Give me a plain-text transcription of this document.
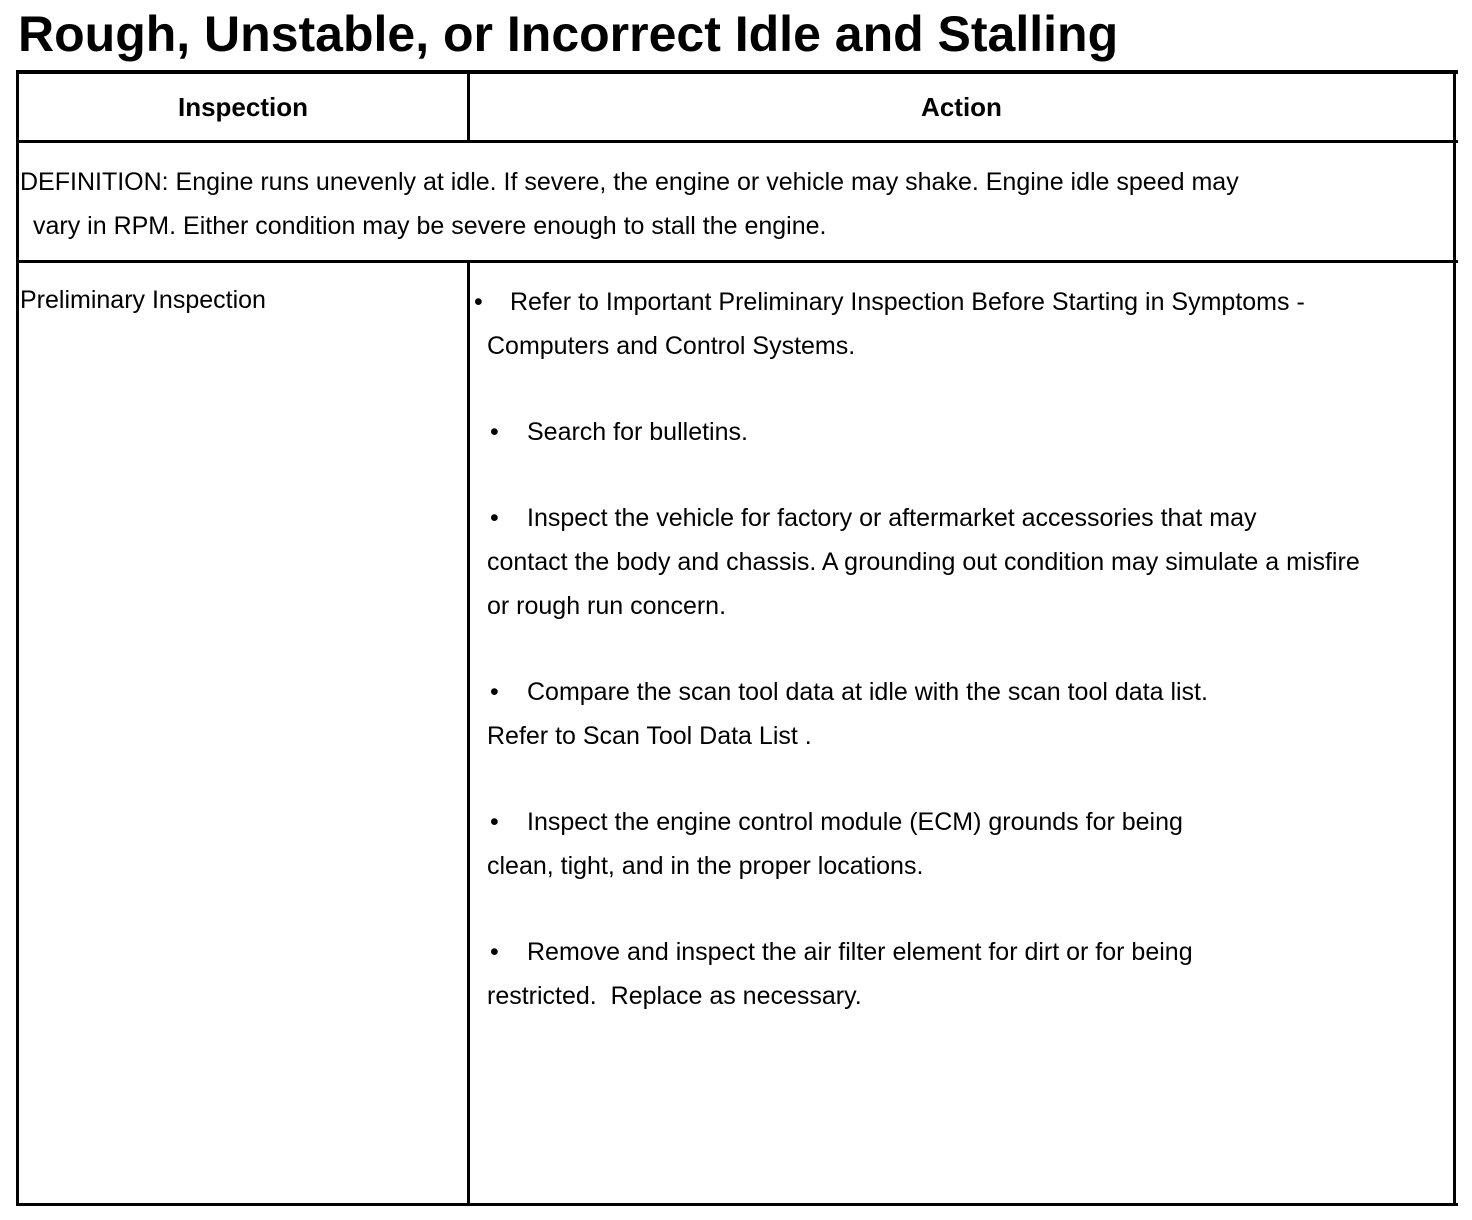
Rough, Unstable, or Incorrect Idle and Stalling
Inspection	Action
DEFINITION: Engine runs unevenly at idle. If severe, the engine or vehicle may shake. Engine idle speed may
vary in RPM. Either condition may be severe enough to stall the engine.
Preliminary Inspection	•	Refer to Important Preliminary Inspection Before Starting in Symptoms -
Computers and Control Systems.
•	Search for bulletins.
•	Inspect the vehicle for factory or aftermarket accessories that may
contact the body and chassis. A grounding out condition may simulate a misfire or rough run concern.
•	Compare the scan tool data at idle with the scan tool data list.
Refer to Scan Tool Data List .
•	Inspect the engine control module (ECM) grounds for being
clean, tight, and in the proper locations.
•	Remove and inspect the air filter element for dirt or for being
restricted.  Replace as necessary.
